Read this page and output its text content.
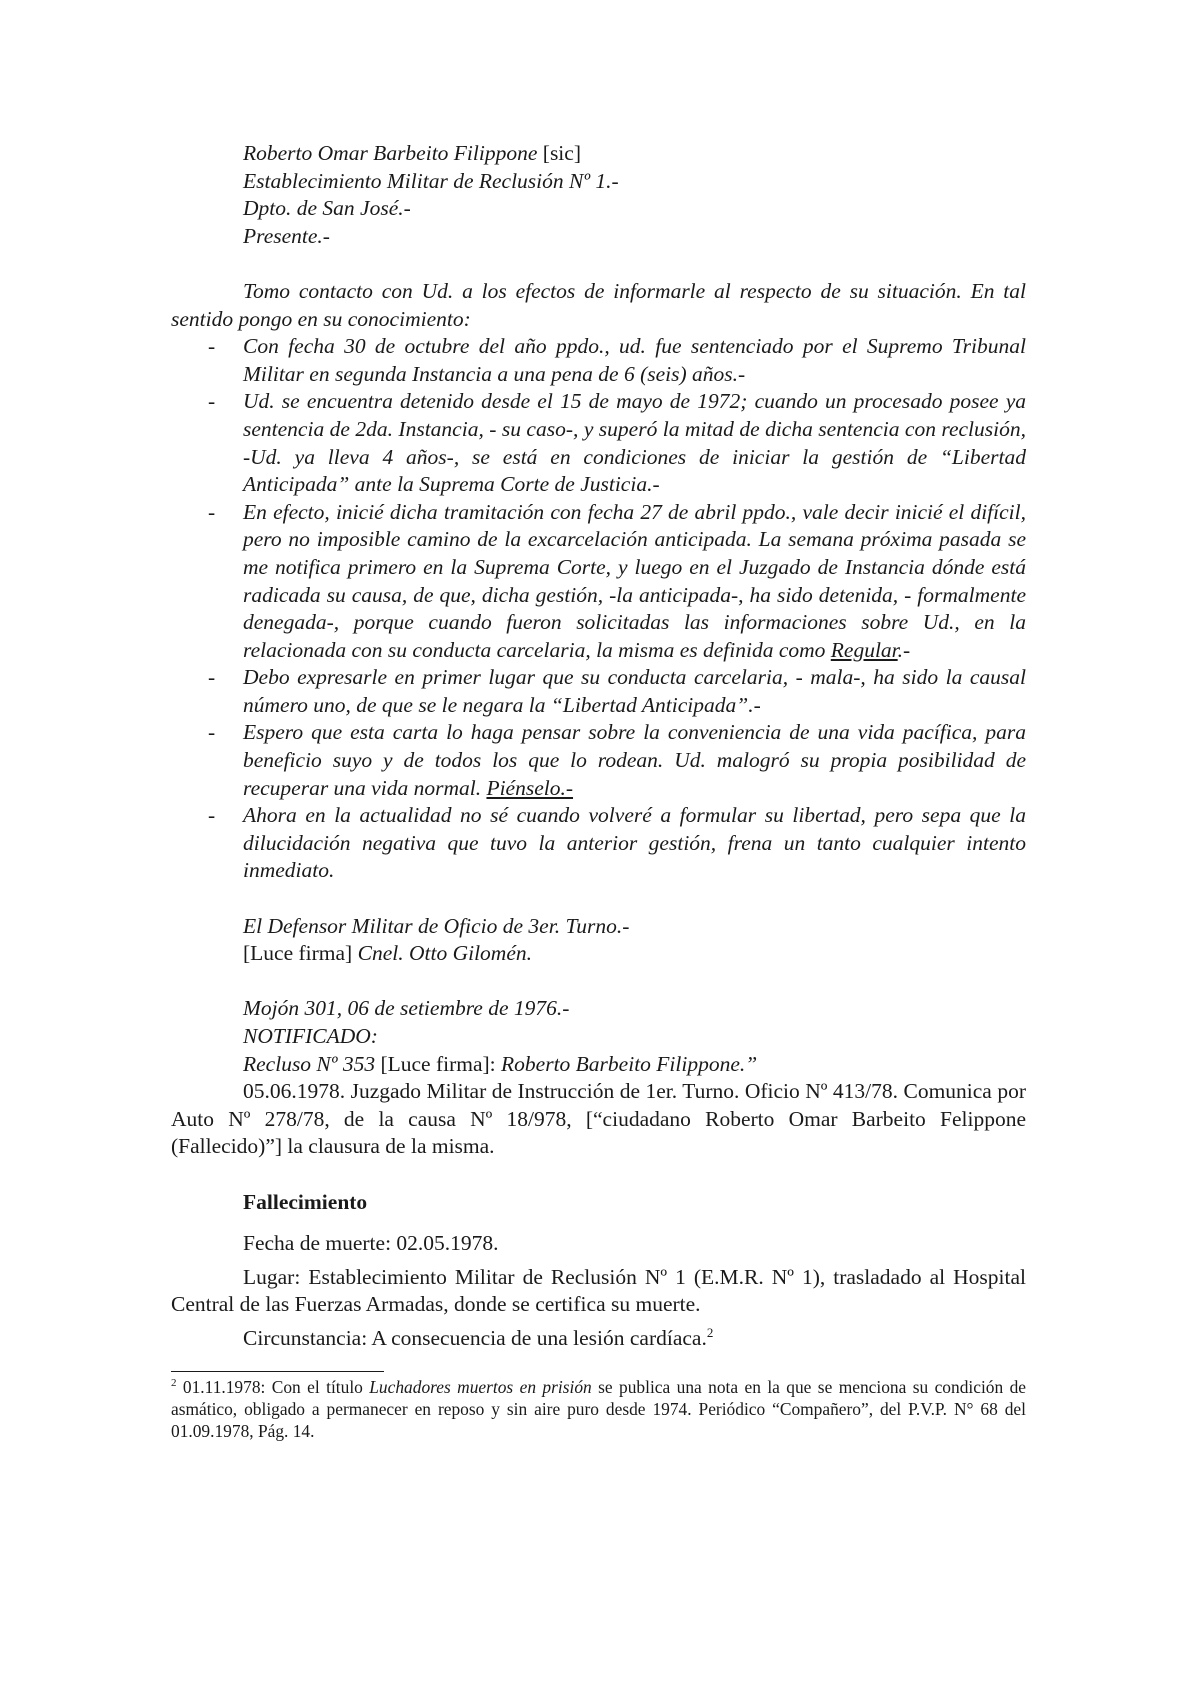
Roberto Omar Barbeito Filippone [sic]
Establecimiento Militar de Reclusión Nº 1.-
Dpto. de San José.-
Presente.-

Tomo contacto con Ud. a los efectos de informarle al respecto de su situación. En tal sentido pongo en su conocimiento:

- Con fecha 30 de octubre del año ppdo., ud. fue sentenciado por el Supremo Tribunal Militar en segunda Instancia a una pena de 6 (seis) años.-
- Ud. se encuentra detenido desde el 15 de mayo de 1972; cuando un procesado posee ya sentencia de 2da. Instancia, - su caso-, y superó la mitad de dicha sentencia con reclusión, -Ud. ya lleva 4 años-, se está en condiciones de iniciar la gestión de “Libertad Anticipada” ante la Suprema Corte de Justicia.-
- En efecto, inicié dicha tramitación con fecha 27 de abril ppdo., vale decir inicié el difícil, pero no imposible camino de la excarcelación anticipada. La semana próxima pasada se me notifica primero en la Suprema Corte, y luego en el Juzgado de Instancia dónde está radicada su causa, de que, dicha gestión, -la anticipada-, ha sido detenida, - formalmente denegada-, porque cuando fueron solicitadas las informaciones sobre Ud., en la relacionada con su conducta carcelaria, la misma es definida como Regular.-
- Debo expresarle en primer lugar que su conducta carcelaria, - mala-, ha sido la causal número uno, de que se le negara la “Libertad Anticipada”.-
- Espero que esta carta lo haga pensar sobre la conveniencia de una vida pacífica, para beneficio suyo y de todos los que lo rodean. Ud. malogró su propia posibilidad de recuperar una vida normal. Piénselo.-
- Ahora en la actualidad no sé cuando volveré a formular su libertad, pero sepa que la dilucidación negativa que tuvo la anterior gestión, frena un tanto cualquier intento inmediato.
El Defensor Militar de Oficio de 3er. Turno.-
[Luce firma] Cnel. Otto Gilomén.
Mojón 301, 06 de setiembre de 1976.-
NOTIFICADO:
Recluso Nº 353 [Luce firma]: Roberto Barbeito Filippone.”

05.06.1978. Juzgado Militar de Instrucción de 1er. Turno. Oficio Nº 413/78. Comunica por Auto Nº 278/78, de la causa Nº 18/978, [“ciudadano Roberto Omar Barbeito Felippone (Fallecido)”] la clausura de la misma.

Fallecimiento

Fecha de muerte: 02.05.1978.

Lugar: Establecimiento Militar de Reclusión Nº 1 (E.M.R. Nº 1), trasladado al Hospital Central de las Fuerzas Armadas, donde se certifica su muerte.

Circunstancia: A consecuencia de una lesión cardíaca.$^2$

$^2$ 01.11.1978: Con el título Luchadores muertos en prisión se publica una nota en la que se menciona su condición de asmático, obligado a permanecer en reposo y sin aire puro desde 1974. Periódico “Compañero”, del P.V.P. N° 68 del 01.09.1978, Pág. 14.
